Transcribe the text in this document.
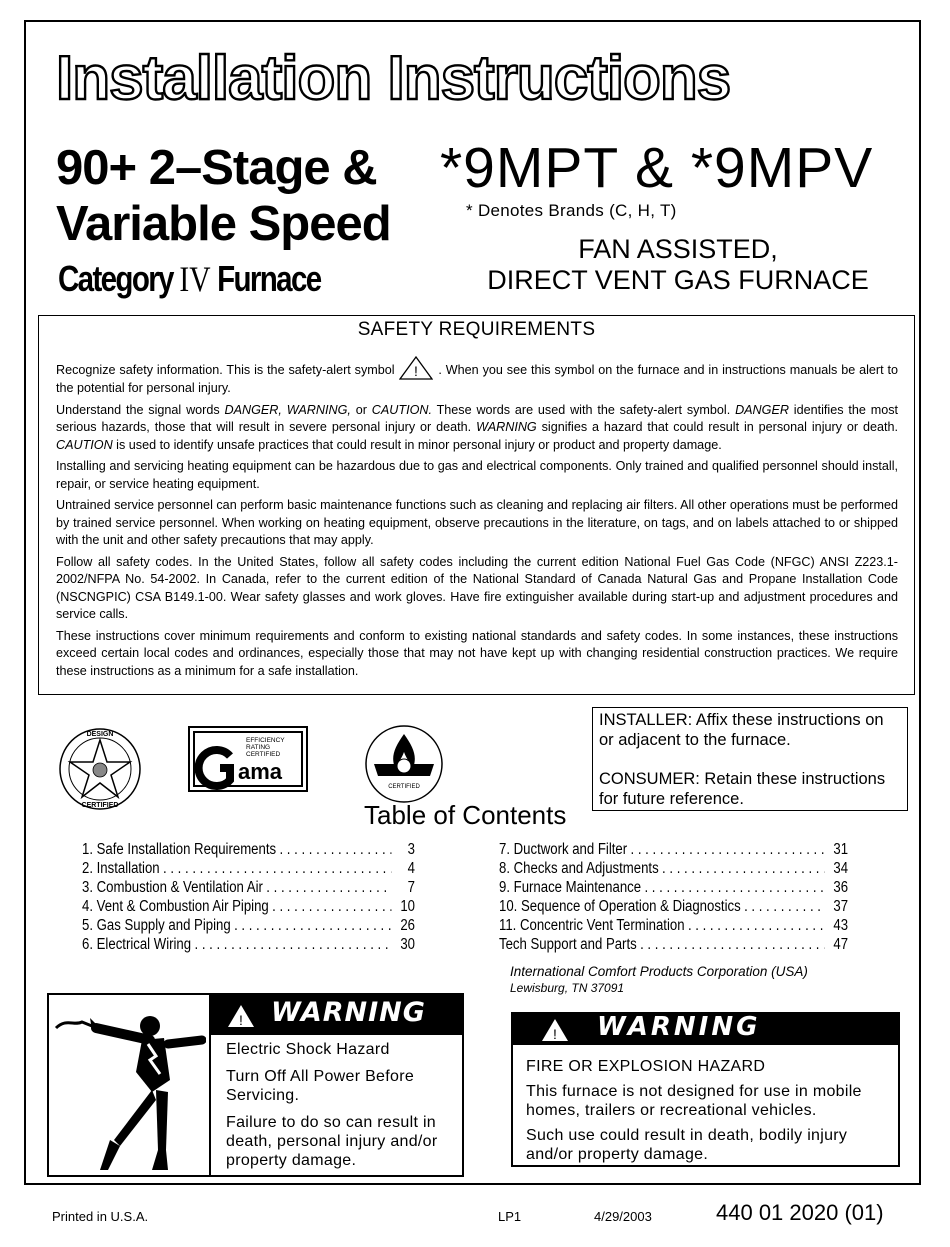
Installation Instructions
90+ 2–Stage &
Variable Speed
Category IV Furnace
*9MPT & *9MPV
* Denotes Brands (C, H, T)
FAN ASSISTED,
DIRECT VENT GAS FURNACE
SAFETY REQUIREMENTS

Recognize safety information. This is the safety-alert symbol ! . When you see this symbol on the furnace and in instructions manuals be alert to the potential for personal injury.

Understand the signal words DANGER, WARNING, or CAUTION. These words are used with the safety-alert symbol. DANGER identifies the most serious hazards, those that will result in severe personal injury or death. WARNING signifies a hazard that could result in personal injury or death. CAUTION is used to identify unsafe practices that could result in minor personal injury or product and property damage.

Installing and servicing heating equipment can be hazardous due to gas and electrical components. Only trained and qualified personnel should install, repair, or service heating equipment.

Untrained service personnel can perform basic maintenance functions such as cleaning and replacing air filters. All other operations must be performed by trained service personnel. When working on heating equipment, observe precautions in the literature, on tags, and on labels attached to or shipped with the unit and other safety precautions that may apply.

Follow all safety codes. In the United States, follow all safety codes including the current edition National Fuel Gas Code (NFGC) ANSI Z223.1-2002/NFPA No. 54-2002. In Canada, refer to the current edition of the National Standard of Canada Natural Gas and Propane Installation Code (NSCNGPIC) CSA B149.1-00. Wear safety glasses and work gloves. Have fire extinguisher available during start-up and adjustment procedures and service calls.

These instructions cover minimum requirements and conform to existing national standards and safety codes. In some instances, these instructions exceed certain local codes and ordinances, especially those that may not have kept up with changing residential construction practices. We require these instructions as a minimum for a safe installation.

DESIGN
CERTIFIED
EFFICIENCY
RATING
CERTIFIED
ama
CERTIFIED

INSTALLER: Affix these instructions on or adjacent to the furnace.

CONSUMER: Retain these instructions for future reference.

Table of Contents
1. Safe Installation Requirements . . .	3
2. Installation . . .	4
3. Combustion & Ventilation Air . . .	7
4. Vent & Combustion Air Piping . . .	10
5. Gas Supply and Piping . . .	26
6. Electrical Wiring . . .	30
7. Ductwork and Filter . . .	31
8. Checks and Adjustments . . .	34
9. Furnace Maintenance . . .	36
10. Sequence of Operation & Diagnostics . . .	37
11. Concentric Vent Termination . . .	43
Tech Support and Parts . . .	47
International Comfort Products Corporation (USA)
Lewisburg, TN 37091
! WARNING

Electric Shock Hazard

Turn Off All Power Before Servicing.

Failure to do so can result in death, personal injury and/or property damage.

! WARNING

FIRE OR EXPLOSION HAZARD

This furnace is not designed for use in mobile homes, trailers or recreational vehicles.

Such use could result in death, bodily injury and/or property damage.

Printed in U.S.A.	LP1	4/29/2003	440 01 2020 (01)
